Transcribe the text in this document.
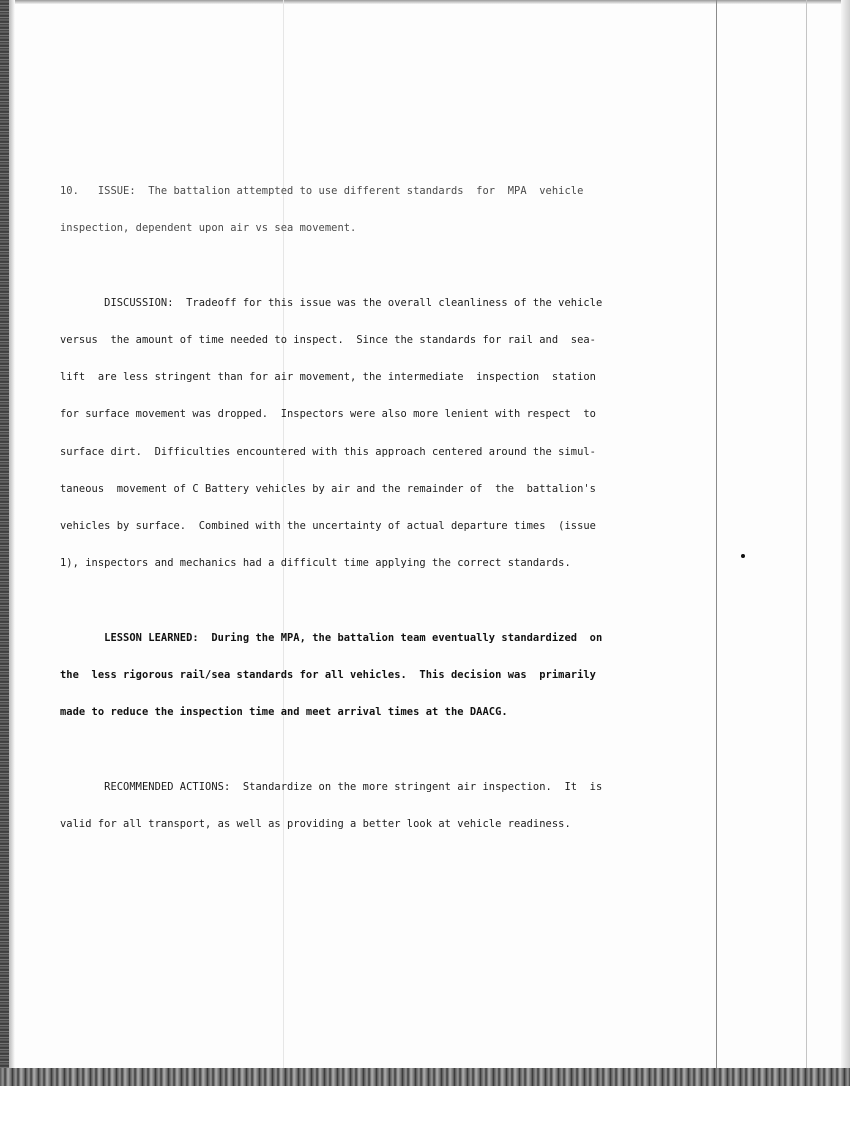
10.   ISSUE:  The battalion attempted to use different standards  for  MPA  vehicle

inspection, dependent upon air vs sea movement.

DISCUSSION:  Tradeoff for this issue was the overall cleanliness of the vehicle

versus  the amount of time needed to inspect.  Since the standards for rail and  sea-

lift  are less stringent than for air movement, the intermediate  inspection  station

for surface movement was dropped.  Inspectors were also more lenient with respect  to

surface dirt.  Difficulties encountered with this approach centered around the simul-

taneous  movement of C Battery vehicles by air and the remainder of  the  battalion's

vehicles by surface.  Combined with the uncertainty of actual departure times  (issue

1), inspectors and mechanics had a difficult time applying the correct standards.

LESSON LEARNED:  During the MPA, the battalion team eventually standardized  on

the  less rigorous rail/sea standards for all vehicles.  This decision was  primarily

made to reduce the inspection time and meet arrival times at the DAACG.

RECOMMENDED ACTIONS:  Standardize on the more stringent air inspection.  It  is

valid for all transport, as well as providing a better look at vehicle readiness.
